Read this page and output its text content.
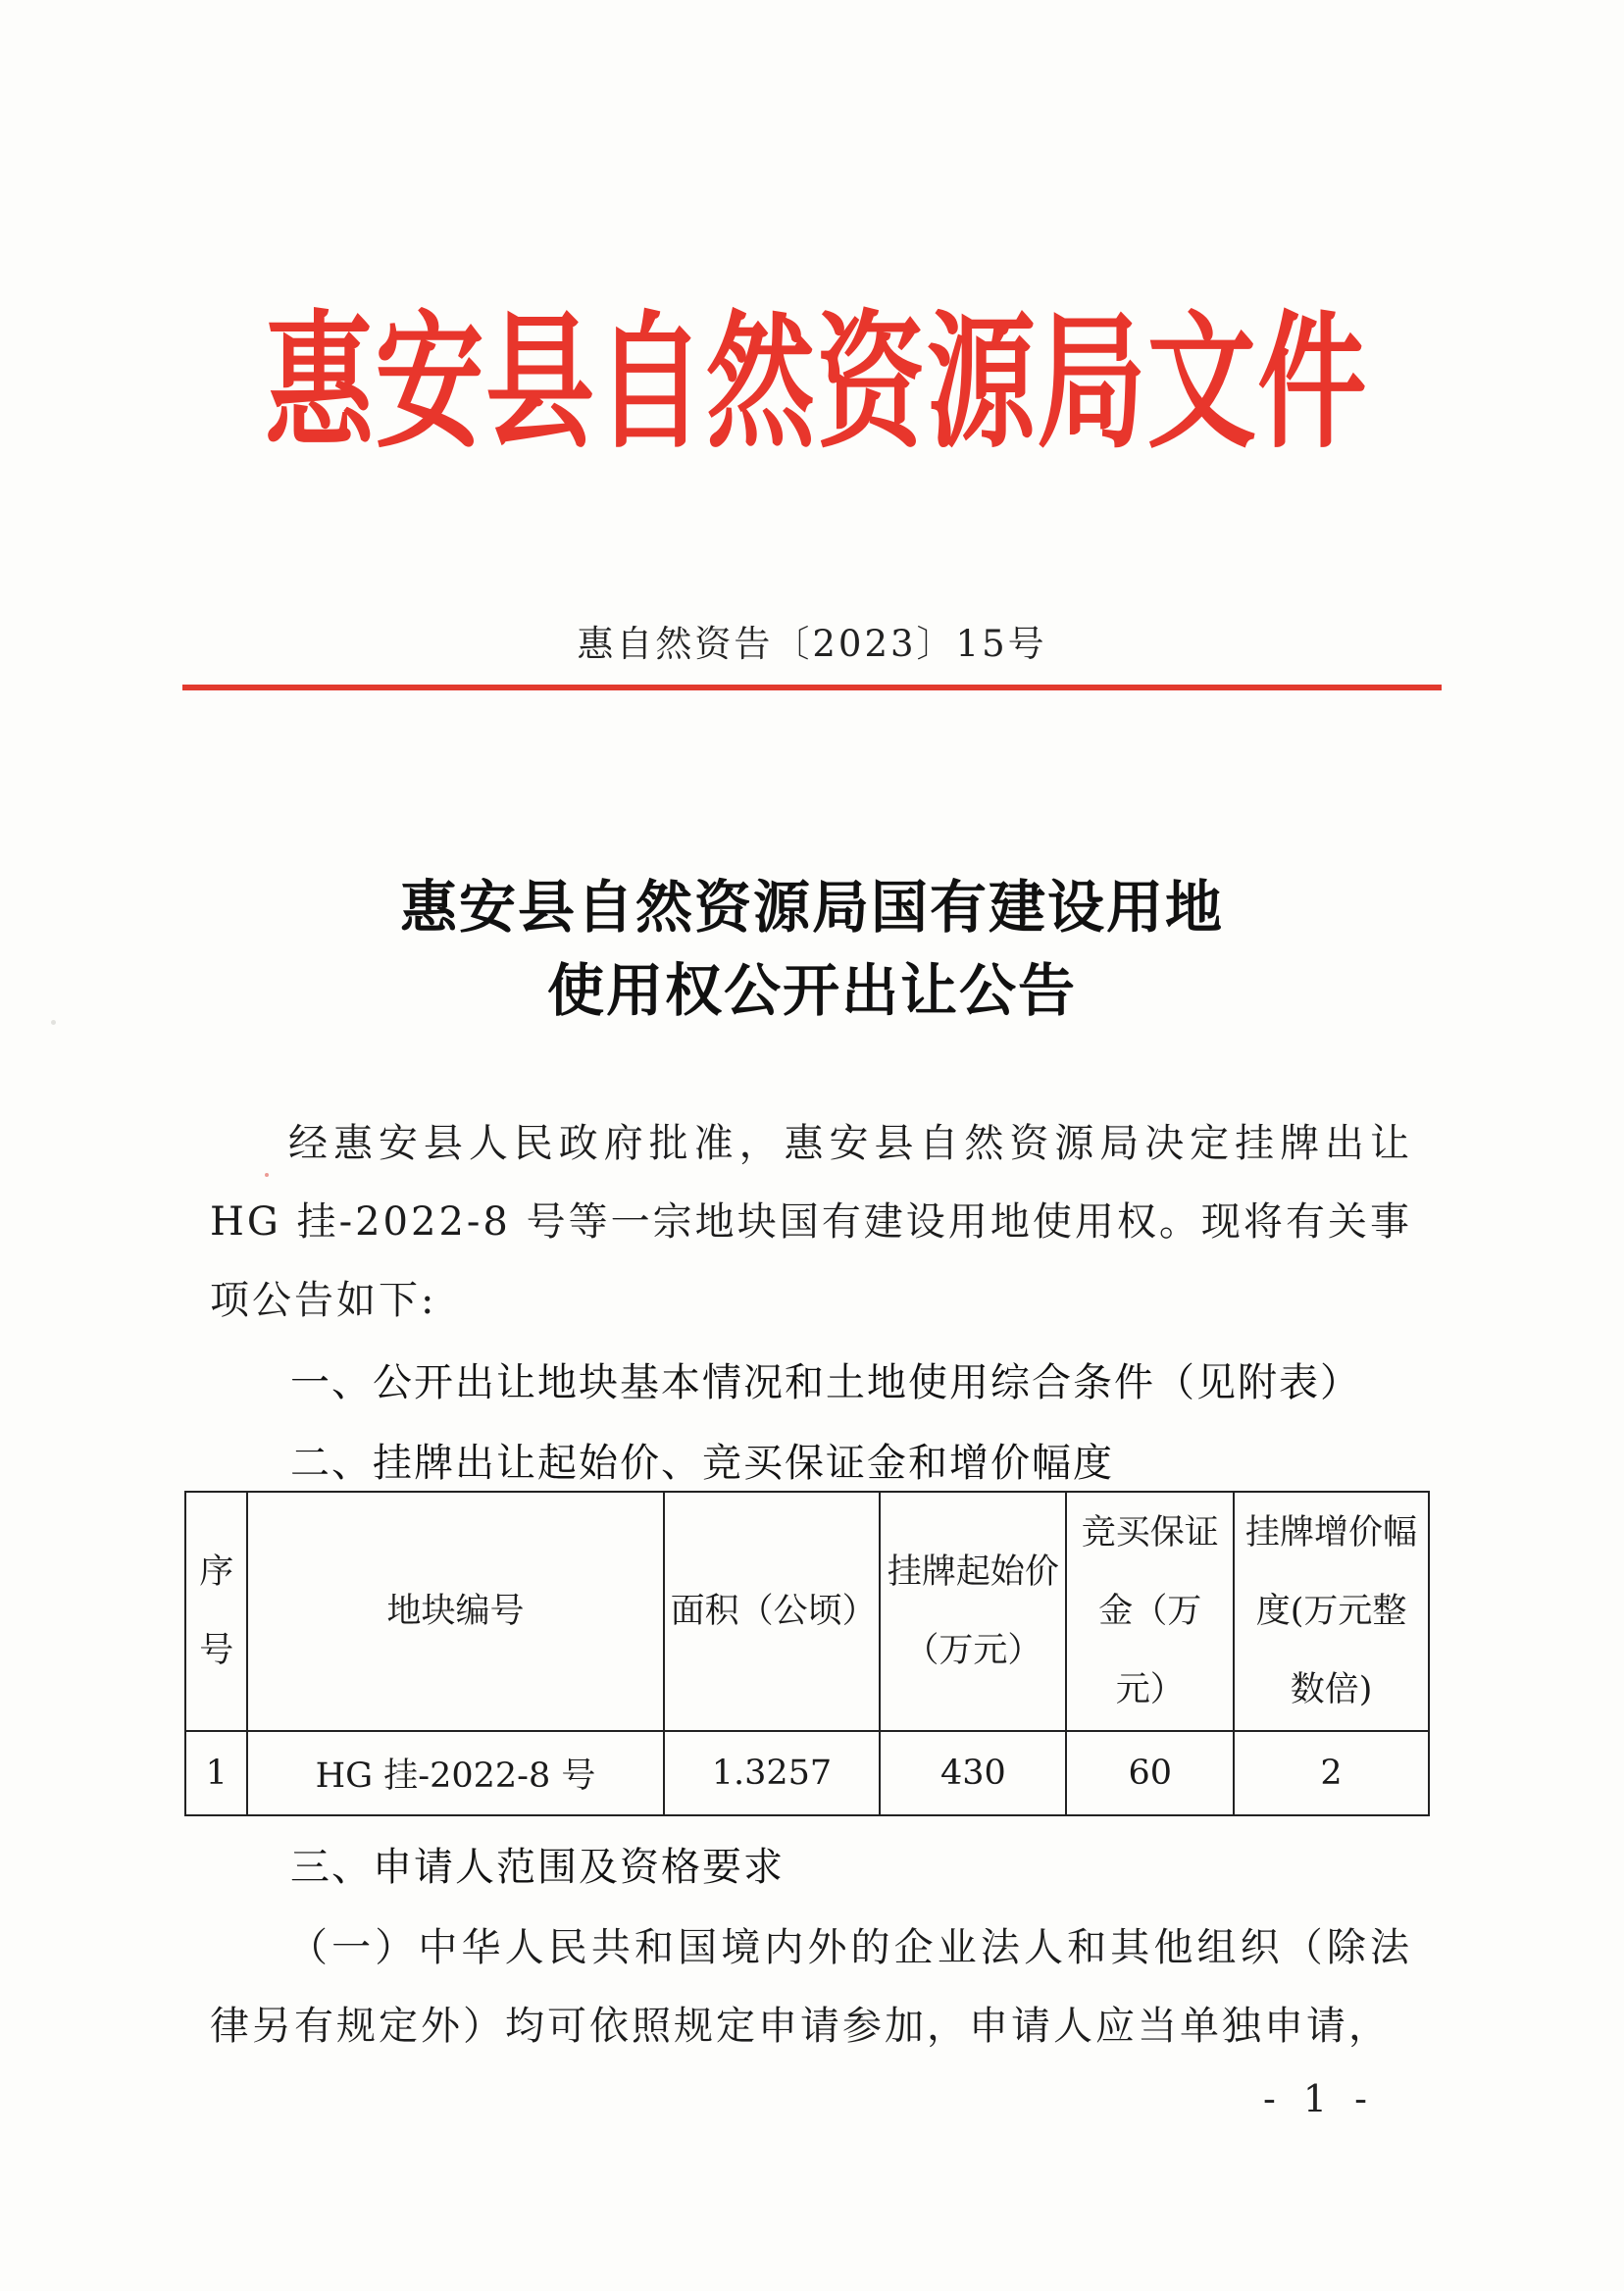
惠安县自然资源局文件
惠自然资告〔2023〕15号
惠安县自然资源局国有建设用地
使用权公开出让公告
经惠安县人民政府批准，惠安县自然资源局决定挂牌出让 HG 挂-2022-8 号等一宗地块国有建设用地使用权。现将有关事项公告如下:
一、公开出让地块基本情况和土地使用综合条件（见附表）
二、挂牌出让起始价、竞买保证金和增价幅度
序号	地块编号	面积（公顷）	挂牌起始价（万元）	竞买保证金（万元）	挂牌增价幅度(万元整数倍)
1	HG 挂-2022-8 号	1.3257	430	60	2
三、申请人范围及资格要求
（一）中华人民共和国境内外的企业法人和其他组织（除法律另有规定外）均可依照规定申请参加，申请人应当单独申请，
- 1 -
